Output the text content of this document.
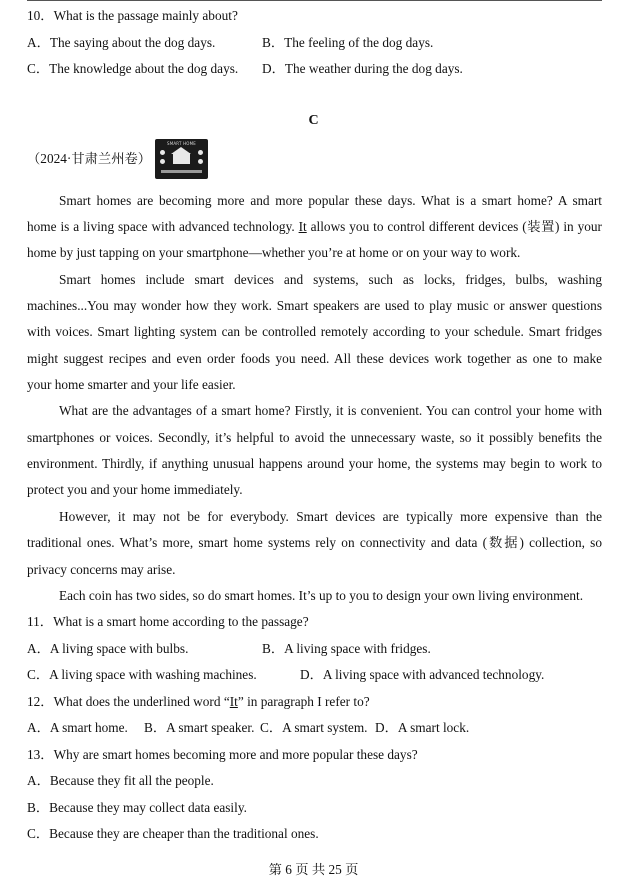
10．What is the passage mainly about?
A．The saying about the dog days.	B．The feeling of the dog days.
C．The knowledge about the dog days. D．The weather during the dog days.
C
（2024·甘肃兰州卷）
SMART HOME
Smart homes are becoming more and more popular these days. What is a smart home? A smart
home is a living space with advanced technology. It allows you to control different devices (装置) in your
home by just tapping on your smartphone—whether you’re at home or on your way to work.
Smart homes include smart devices and systems, such as locks, fridges, bulbs, washing
machines...You may wonder how they work. Smart speakers are used to play music or answer questions
with voices. Smart lighting system can be controlled remotely according to your schedule. Smart fridges
might suggest recipes and even order foods you need. All these devices work together as one to make
your home smarter and your life easier.
What are the advantages of a smart home? Firstly, it is convenient. You can control your home with
smartphones or voices. Secondly, it’s helpful to avoid the unnecessary waste, so it possibly benefits the
environment. Thirdly, if anything unusual happens around your home, the systems may begin to work to
protect you and your home immediately.
However, it may not be for everybody. Smart devices are typically more expensive than the
traditional ones. What’s more, smart home systems rely on connectivity and data (数据) collection, so
privacy concerns may arise.
Each coin has two sides, so do smart homes. It’s up to you to design your own living environment.
11．What is a smart home according to the passage?
A．A living space with bulbs.	B．A living space with fridges.
C．A living space with washing machines.	D．A living space with advanced technology.
12．What does the underlined word “It” in paragraph I refer to?
A．A smart home. B．A smart speaker. C．A smart system. D．A smart lock.
13．Why are smart homes becoming more and more popular these days?
A．Because they fit all the people.
B．Because they may collect data easily.
C．Because they are cheaper than the traditional ones.
第 6 页 共 25 页
